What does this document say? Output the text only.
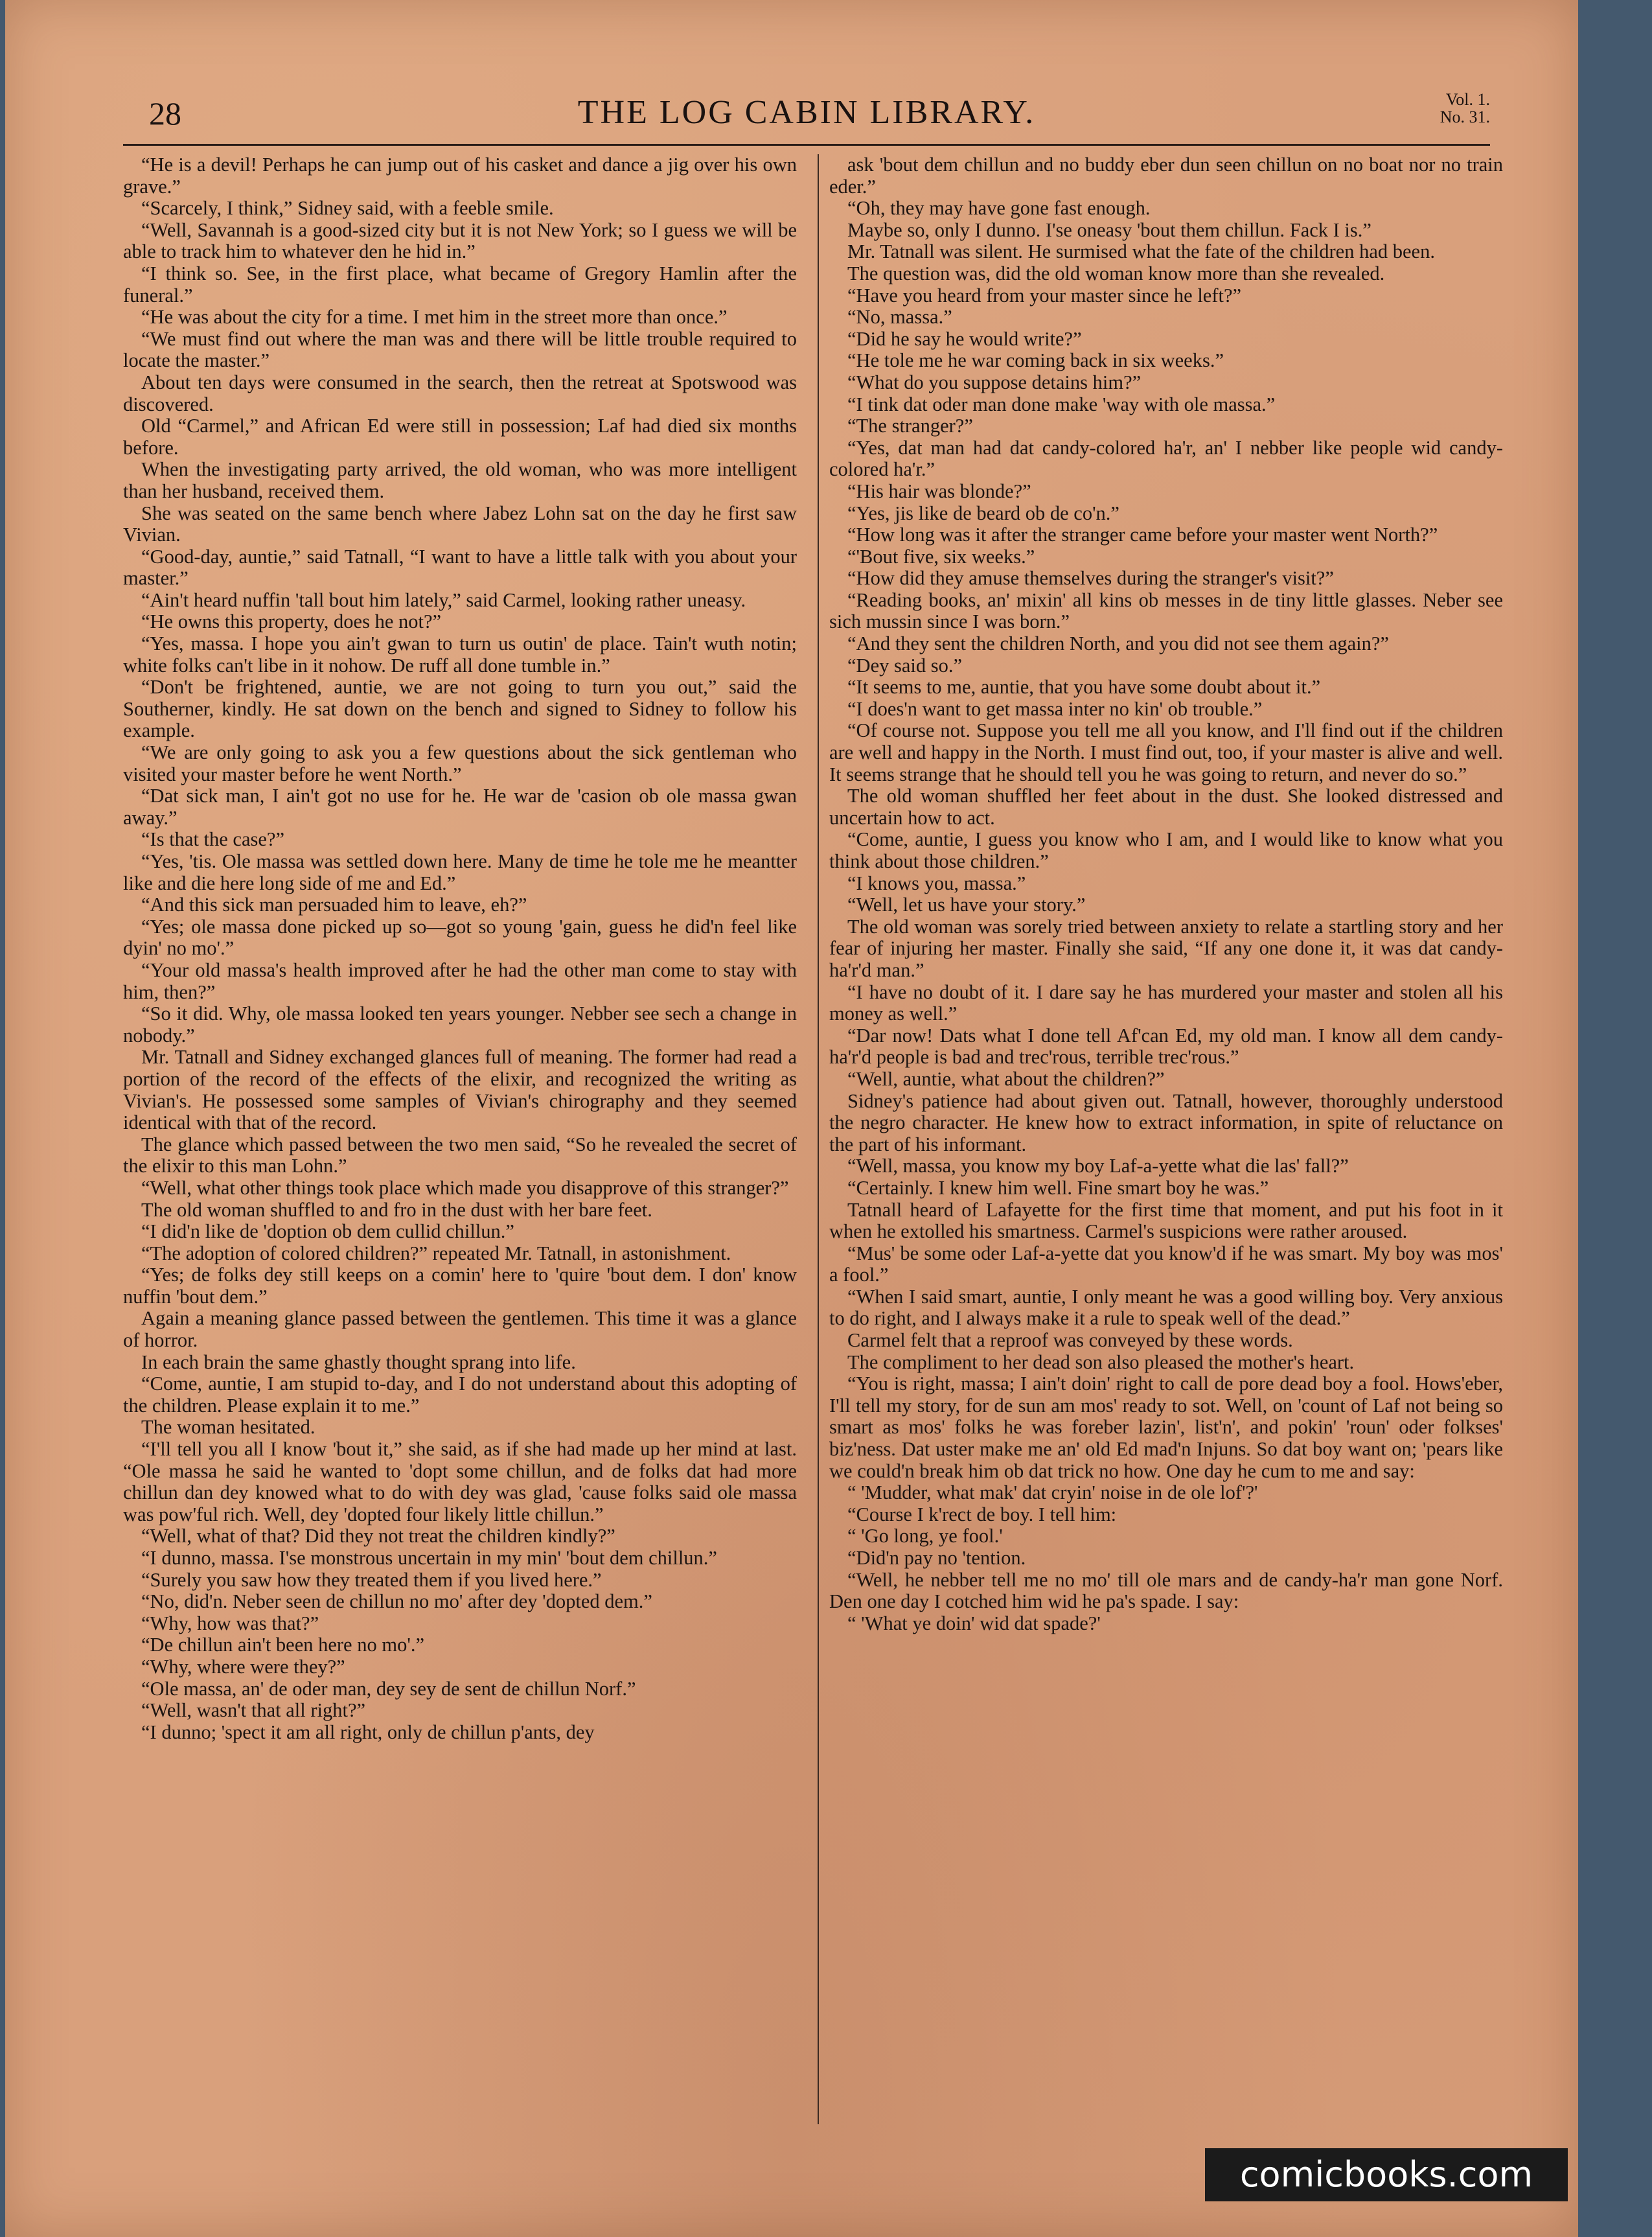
28	THE LOG CABIN LIBRARY.	Vol. 1.
No. 31.

“He is a devil! Perhaps he can jump out of his casket and dance a jig over his own grave.”

“Scarcely, I think,” Sidney said, with a feeble smile.

“Well, Savannah is a good-sized city but it is not New York; so I guess we will be able to track him to whatever den he hid in.”

“I think so. See, in the first place, what became of Gregory Hamlin after the funeral.”

“He was about the city for a time. I met him in the street more than once.”

“We must find out where the man was and there will be little trouble required to locate the master.”

About ten days were consumed in the search, then the retreat at Spotswood was discovered.

Old “Carmel,” and African Ed were still in possession; Laf had died six months before.

When the investigating party arrived, the old woman, who was more intelligent than her husband, received them.

She was seated on the same bench where Jabez Lohn sat on the day he first saw Vivian.

“Good-day, auntie,” said Tatnall, “I want to have a little talk with you about your master.”

“Ain't heard nuffin 'tall bout him lately,” said Carmel, looking rather uneasy.

“He owns this property, does he not?”

“Yes, massa. I hope you ain't gwan to turn us outin' de place. Tain't wuth notin; white folks can't libe in it nohow. De ruff all done tumble in.”

“Don't be frightened, auntie, we are not going to turn you out,” said the Southerner, kindly. He sat down on the bench and signed to Sidney to follow his example.

“We are only going to ask you a few questions about the sick gentleman who visited your master before he went North.”

“Dat sick man, I ain't got no use for he. He war de 'casion ob ole massa gwan away.”

“Is that the case?”

“Yes, 'tis. Ole massa was settled down here. Many de time he tole me he meantter like and die here long side of me and Ed.”

“And this sick man persuaded him to leave, eh?”

“Yes; ole massa done picked up so—got so young 'gain, guess he did'n feel like dyin' no mo'.”

“Your old massa's health improved after he had the other man come to stay with him, then?”

“So it did. Why, ole massa looked ten years younger. Nebber see sech a change in nobody.”

Mr. Tatnall and Sidney exchanged glances full of meaning. The former had read a portion of the record of the effects of the elixir, and recognized the writing as Vivian's. He possessed some samples of Vivian's chirography and they seemed identical with that of the record.

The glance which passed between the two men said, “So he revealed the secret of the elixir to this man Lohn.”

“Well, what other things took place which made you disapprove of this stranger?”

The old woman shuffled to and fro in the dust with her bare feet.

“I did'n like de 'doption ob dem cullid chillun.”

“The adoption of colored children?” repeated Mr. Tatnall, in astonishment.

“Yes; de folks dey still keeps on a comin' here to 'quire 'bout dem. I don' know nuffin 'bout dem.”

Again a meaning glance passed between the gentlemen. This time it was a glance of horror.

In each brain the same ghastly thought sprang into life.

“Come, auntie, I am stupid to-day, and I do not understand about this adopting of the children. Please explain it to me.”

The woman hesitated.

“I'll tell you all I know 'bout it,” she said, as if she had made up her mind at last. “Ole massa he said he wanted to 'dopt some chillun, and de folks dat had more chillun dan dey knowed what to do with dey was glad, 'cause folks said ole massa was pow'ful rich. Well, dey 'dopted four likely little chillun.”

“Well, what of that? Did they not treat the children kindly?”

“I dunno, massa. I'se monstrous uncertain in my min' 'bout dem chillun.”

“Surely you saw how they treated them if you lived here.”

“No, did'n. Neber seen de chillun no mo' after dey 'dopted dem.”

“Why, how was that?”

“De chillun ain't been here no mo'.”

“Why, where were they?”

“Ole massa, an' de oder man, dey sey de sent de chillun Norf.”

“Well, wasn't that all right?”

“I dunno; 'spect it am all right, only de chillun p'ants, dey

ask 'bout dem chillun and no buddy eber dun seen chillun on no boat nor no train eder.”

“Oh, they may have gone fast enough.

Maybe so, only I dunno. I'se oneasy 'bout them chillun. Fack I is.”

Mr. Tatnall was silent. He surmised what the fate of the children had been.

The question was, did the old woman know more than she revealed.

“Have you heard from your master since he left?”

“No, massa.”

“Did he say he would write?”

“He tole me he war coming back in six weeks.”

“What do you suppose detains him?”

“I tink dat oder man done make 'way with ole massa.”

“The stranger?”

“Yes, dat man had dat candy-colored ha'r, an' I nebber like people wid candy-colored ha'r.”

“His hair was blonde?”

“Yes, jis like de beard ob de co'n.”

“How long was it after the stranger came before your master went North?”

“'Bout five, six weeks.”

“How did they amuse themselves during the stranger's visit?”

“Reading books, an' mixin' all kins ob messes in de tiny little glasses. Neber see sich mussin since I was born.”

“And they sent the children North, and you did not see them again?”

“Dey said so.”

“It seems to me, auntie, that you have some doubt about it.”

“I does'n want to get massa inter no kin' ob trouble.”

“Of course not. Suppose you tell me all you know, and I'll find out if the children are well and happy in the North. I must find out, too, if your master is alive and well. It seems strange that he should tell you he was going to return, and never do so.”

The old woman shuffled her feet about in the dust. She looked distressed and uncertain how to act.

“Come, auntie, I guess you know who I am, and I would like to know what you think about those children.”

“I knows you, massa.”

“Well, let us have your story.”

The old woman was sorely tried between anxiety to relate a startling story and her fear of injuring her master. Finally she said, “If any one done it, it was dat candy-ha'r'd man.”

“I have no doubt of it. I dare say he has murdered your master and stolen all his money as well.”

“Dar now! Dats what I done tell Af'can Ed, my old man. I know all dem candy-ha'r'd people is bad and trec'rous, terrible trec'rous.”

“Well, auntie, what about the children?”

Sidney's patience had about given out. Tatnall, however, thoroughly understood the negro character. He knew how to extract information, in spite of reluctance on the part of his informant.

“Well, massa, you know my boy Laf-a-yette what die las' fall?”

“Certainly. I knew him well. Fine smart boy he was.”

Tatnall heard of Lafayette for the first time that moment, and put his foot in it when he extolled his smartness. Carmel's suspicions were rather aroused.

“Mus' be some oder Laf-a-yette dat you know'd if he was smart. My boy was mos' a fool.”

“When I said smart, auntie, I only meant he was a good willing boy. Very anxious to do right, and I always make it a rule to speak well of the dead.”

Carmel felt that a reproof was conveyed by these words.

The compliment to her dead son also pleased the mother's heart.

“You is right, massa; I ain't doin' right to call de pore dead boy a fool. Hows'eber, I'll tell my story, for de sun am mos' ready to sot. Well, on 'count of Laf not being so smart as mos' folks he was foreber lazin', list'n', and pokin' 'roun' oder folkses' biz'ness. Dat uster make me an' old Ed mad'n Injuns. So dat boy want on; 'pears like we could'n break him ob dat trick no how. One day he cum to me and say:

“ 'Mudder, what mak' dat cryin' noise in de ole lof'?'

“Course I k'rect de boy. I tell him:

“ 'Go long, ye fool.'

“Did'n pay no 'tention.

“Well, he nebber tell me no mo' till ole mars and de candy-ha'r man gone Norf. Den one day I cotched him wid he pa's spade. I say:

“ 'What ye doin' wid dat spade?'

comicbooks.com
